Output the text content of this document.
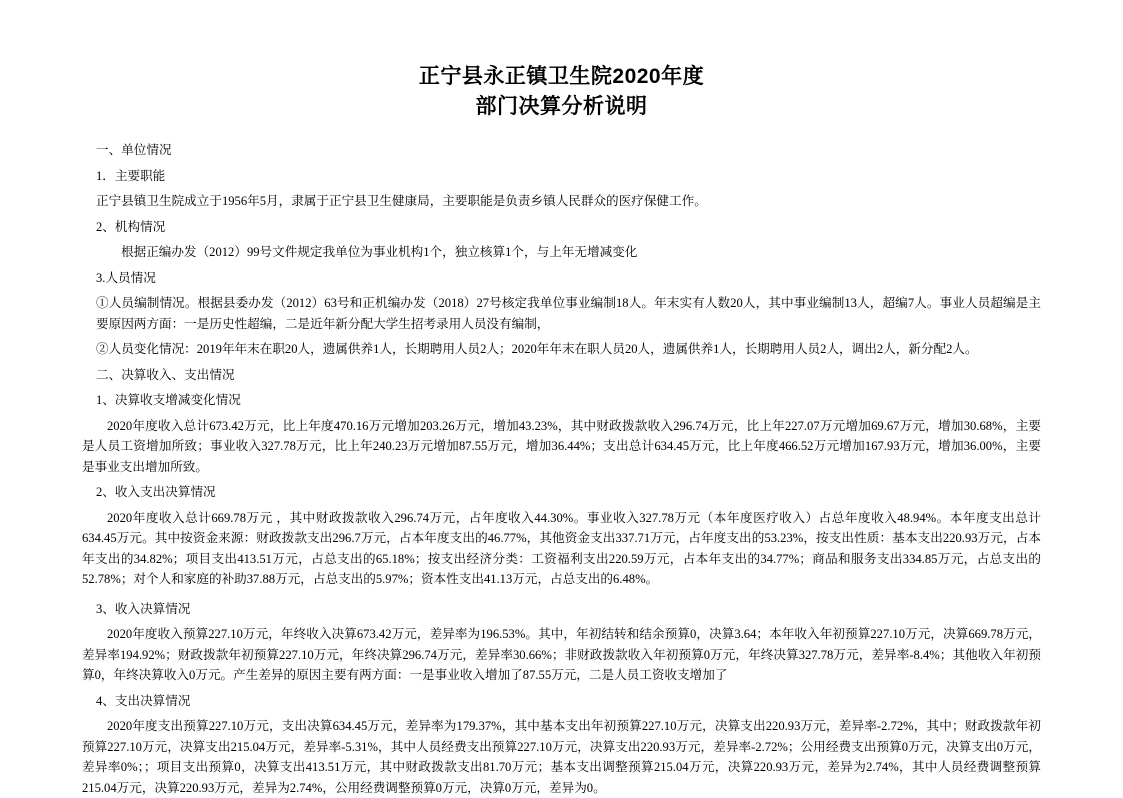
正宁县永正镇卫生院2020年度
部门决算分析说明

一、单位情况

1．主要职能

正宁县镇卫生院成立于1956年5月，隶属于正宁县卫生健康局，主要职能是负责乡镇人民群众的医疗保健工作。

2、机构情况

根据正编办发（2012）99号文件规定我单位为事业机构1个，独立核算1个，与上年无增减变化

3.人员情况

①人员编制情况。根据县委办发（2012）63号和正机编办发（2018）27号核定我单位事业编制18人。年末实有人数20人，其中事业编制13人，超编7人。事业人员超编是主要原因两方面：一是历史性超编，二是近年新分配大学生招考录用人员没有编制，

②人员变化情况：2019年年末在职20人，遗属供养1人，长期聘用人员2人；2020年年末在职人员20人，遗属供养1人，长期聘用人员2人，调出2人，新分配2人。

二、决算收入、支出情况

1、决算收支增减变化情况

2020年度收入总计673.42万元，比上年度470.16万元增加203.26万元，增加43.23%，其中财政拨款收入296.74万元，比上年227.07万元增加69.67万元，增加30.68%，主要是人员工资增加所致；事业收入327.78万元，比上年240.23万元增加87.55万元，增加36.44%；支出总计634.45万元，比上年度466.52万元增加167.93万元，增加36.00%，主要是事业支出增加所致。

2、收入支出决算情况

2020年度收入总计669.78万元 ，其中财政拨款收入296.74万元，占年度收入44.30%。事业收入327.78万元（本年度医疗收入）占总年度收入48.94%。本年度支出总计634.45万元。其中按资金来源：财政拨款支出296.7万元，占本年度支出的46.77%，其他资金支出337.71万元，占年度支出的53.23%，按支出性质：基本支出220.93万元，占本年支出的34.82%；项目支出413.51万元，占总支出的65.18%；按支出经济分类：工资福利支出220.59万元，占本年支出的34.77%；商品和服务支出334.85万元，占总支出的52.78%；对个人和家庭的补助37.88万元，占总支出的5.97%；资本性支出41.13万元，占总支出的6.48%。

3、收入决算情况

2020年度收入预算227.10万元，年终收入决算673.42万元，差异率为196.53%。其中，年初结转和结余预算0，决算3.64；本年收入年初预算227.10万元，决算669.78万元，差异率194.92%；财政拨款年初预算227.10万元，年终决算296.74万元，差异率30.66%；非财政拨款收入年初预算0万元，年终决算327.78万元，差异率-8.4%；其他收入年初预算0，年终决算收入0万元。产生差异的原因主要有两方面：一是事业收入增加了87.55万元，二是人员工资收支增加了

4、支出决算情况

2020年度支出预算227.10万元，支出决算634.45万元，差异率为179.37%，其中基本支出年初预算227.10万元，决算支出220.93万元，差异率-2.72%，其中；财政拨款年初预算227.10万元，决算支出215.04万元，差异率-5.31%，其中人员经费支出预算227.10万元，决算支出220.93万元，差异率-2.72%；公用经费支出预算0万元，决算支出0万元，差异率0%；；项目支出预算0，决算支出413.51万元，其中财政拨款支出81.70万元；基本支出调整预算215.04万元，决算220.93万元，差异为2.74%，其中人员经费调整预算215.04万元，决算220.93万元，差异为2.74%，公用经费调整预算0万元，决算0万元，差异为0。
